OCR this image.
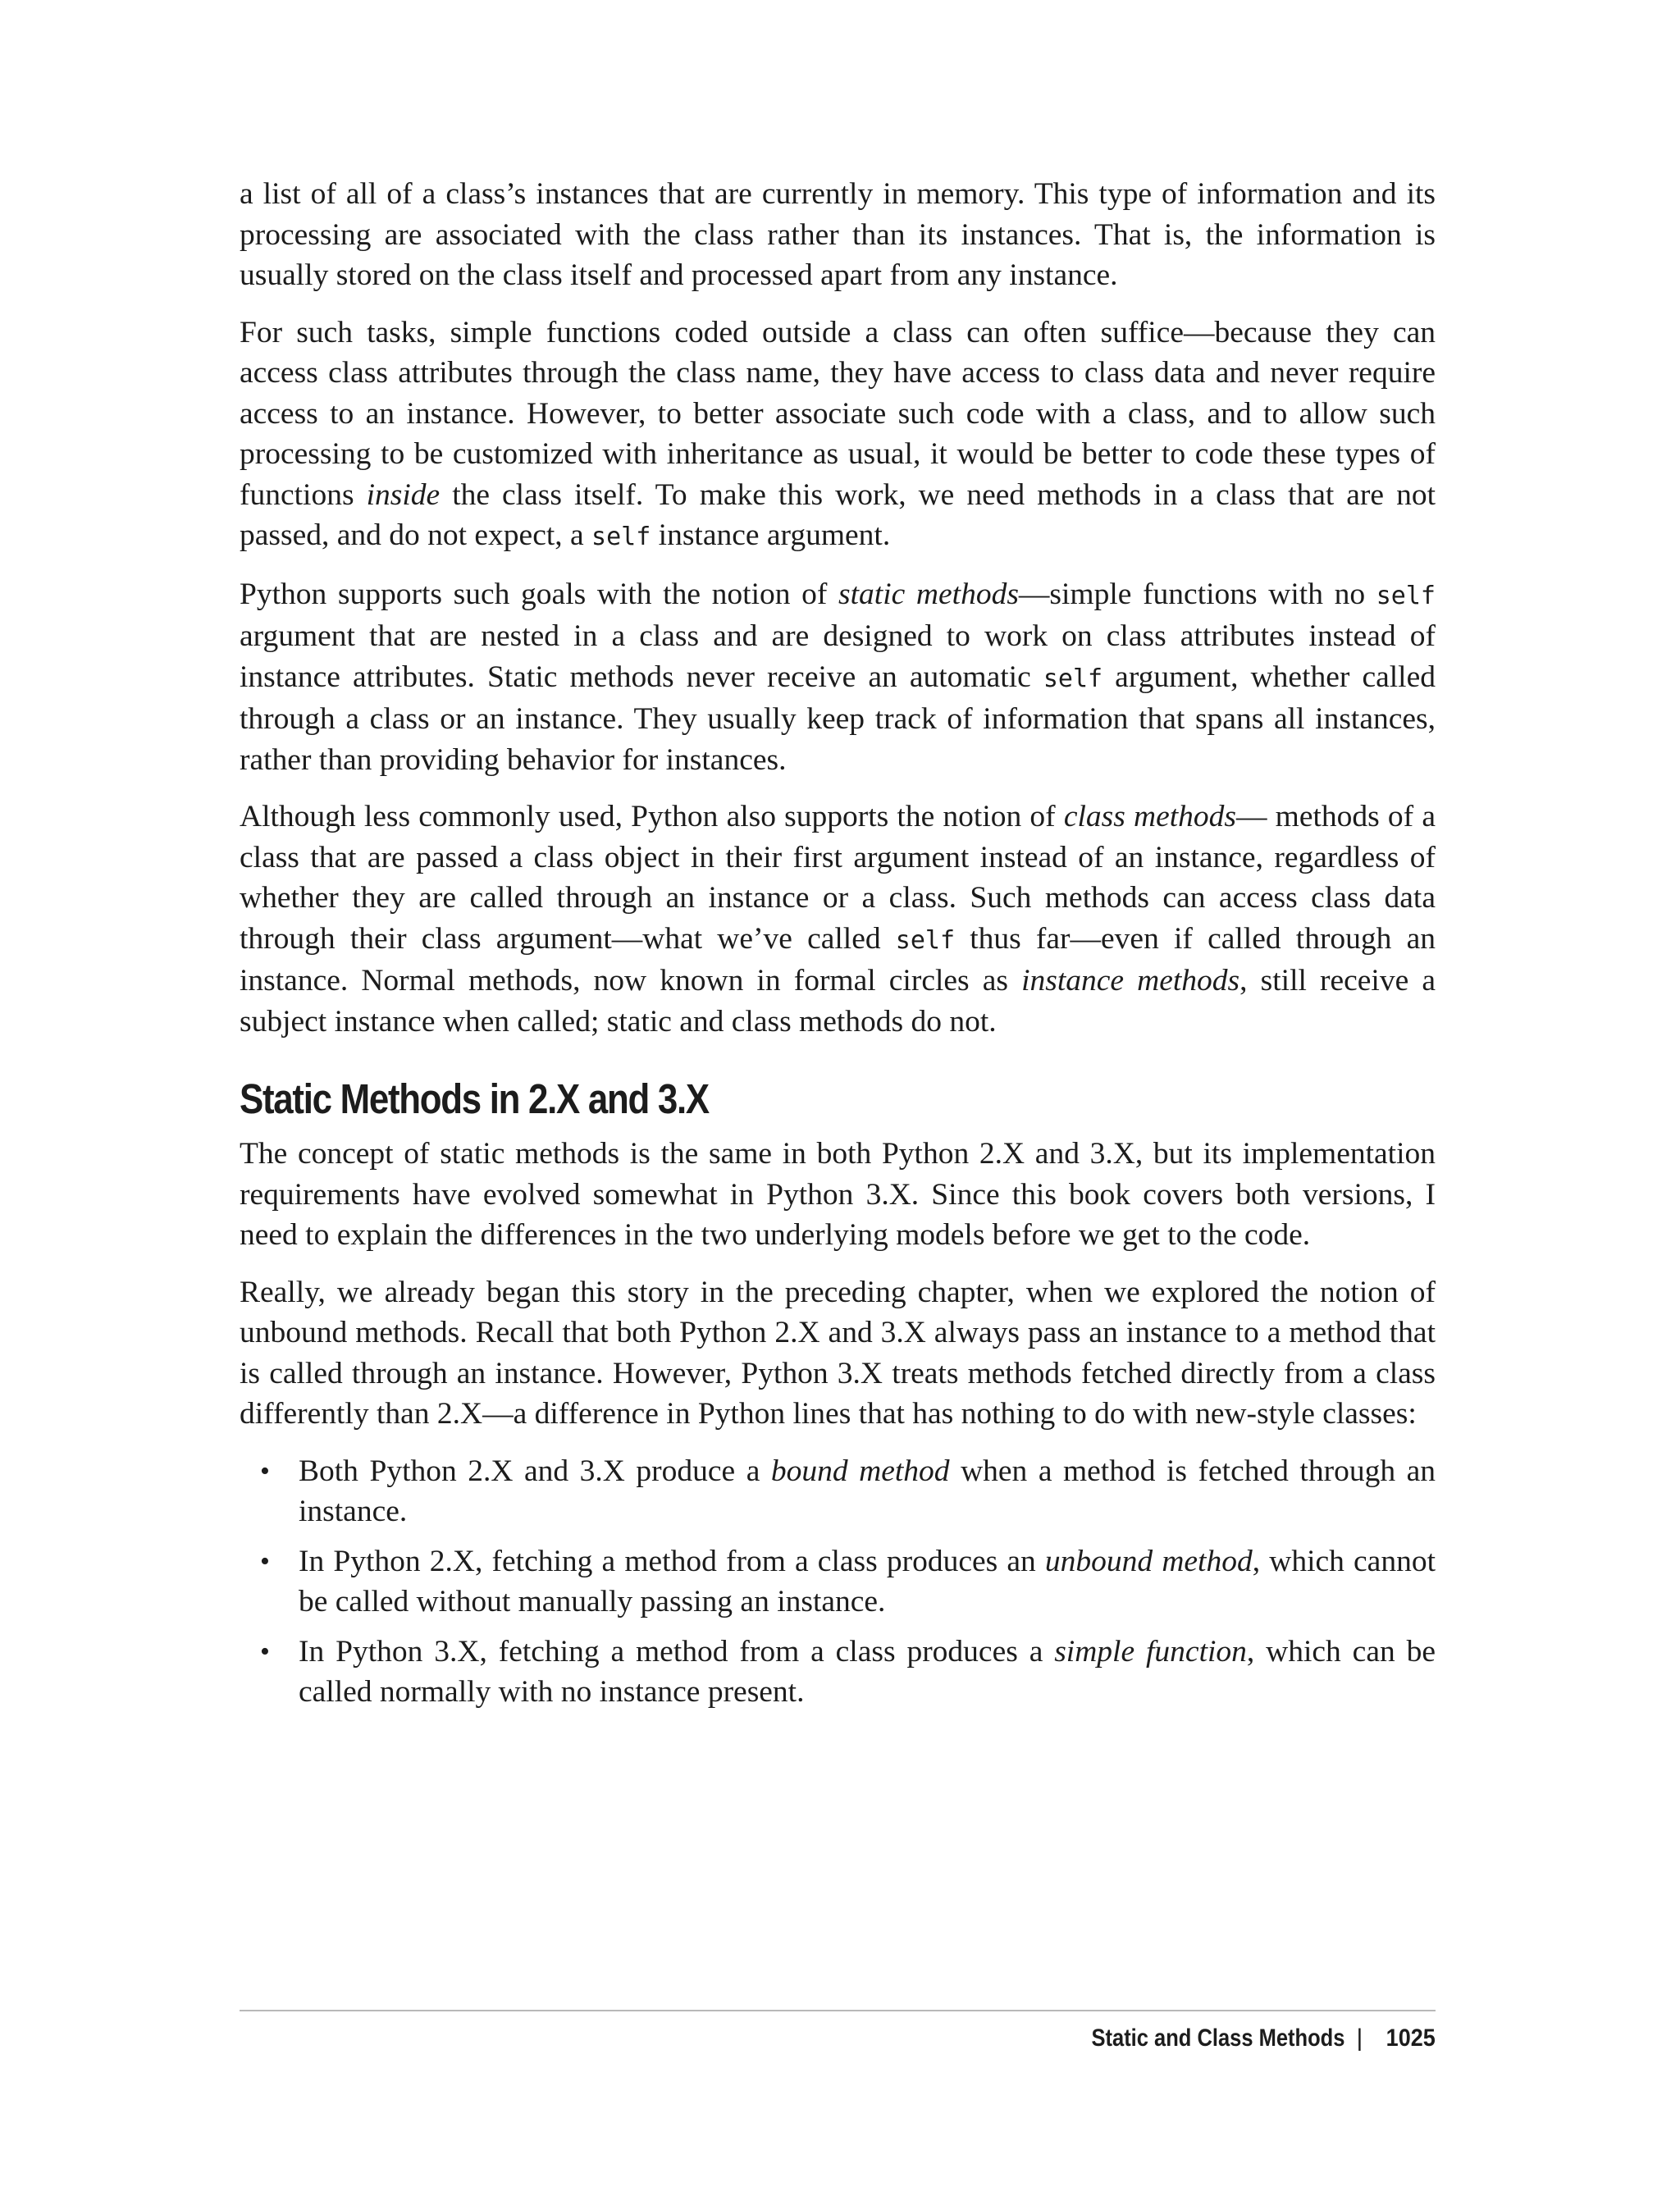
a list of all of a class’s instances that are currently in memory. This type of information and its processing are associated with the class rather than its instances. That is, the information is usually stored on the class itself and processed apart from any instance.

For such tasks, simple functions coded outside a class can often suffice—because they can access class attributes through the class name, they have access to class data and never require access to an instance. However, to better associate such code with a class, and to allow such processing to be customized with inheritance as usual, it would be better to code these types of functions inside the class itself. To make this work, we need methods in a class that are not passed, and do not expect, a self instance argument.

Python supports such goals with the notion of static methods—simple functions with no self argument that are nested in a class and are designed to work on class attributes instead of instance attributes. Static methods never receive an automatic self argument, whether called through a class or an instance. They usually keep track of information that spans all instances, rather than providing behavior for instances.

Although less commonly used, Python also supports the notion of class methods— methods of a class that are passed a class object in their first argument instead of an instance, regardless of whether they are called through an instance or a class. Such methods can access class data through their class argument—what we’ve called self thus far—even if called through an instance. Normal methods, now known in formal circles as instance methods, still receive a subject instance when called; static and class methods do not.

Static Methods in 2.X and 3.X

The concept of static methods is the same in both Python 2.X and 3.X, but its implementation requirements have evolved somewhat in Python 3.X. Since this book covers both versions, I need to explain the differences in the two underlying models before we get to the code.

Really, we already began this story in the preceding chapter, when we explored the notion of unbound methods. Recall that both Python 2.X and 3.X always pass an instance to a method that is called through an instance. However, Python 3.X treats methods fetched directly from a class differently than 2.X—a difference in Python lines that has nothing to do with new-style classes:

• Both Python 2.X and 3.X produce a bound method when a method is fetched through an instance.
• In Python 2.X, fetching a method from a class produces an unbound method, which cannot be called without manually passing an instance.
• In Python 3.X, fetching a method from a class produces a simple function, which can be called normally with no instance present.
Static and Class Methods | 1025
